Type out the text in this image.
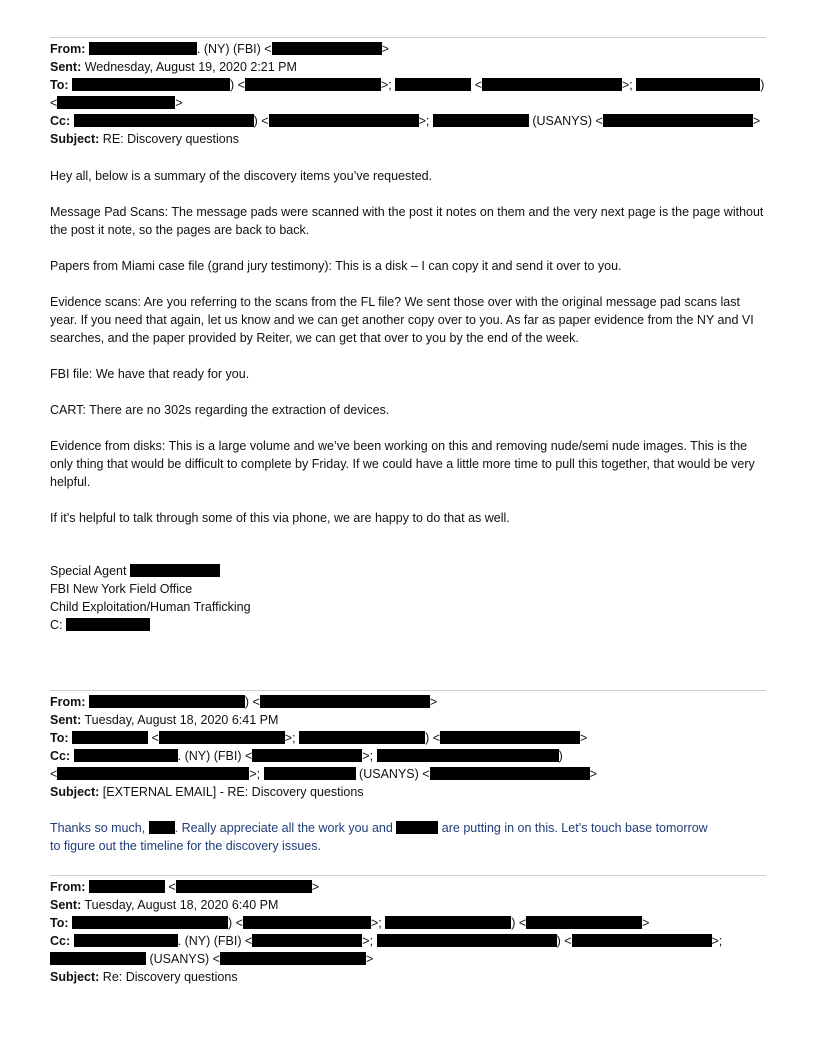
From:	. (NY) (FBI) <	>
Sent: Wednesday, August 19, 2020 2:21 PM
To:	) <	>;	<	>;	)
<	>
Cc:	) <	>;	(USANYS) <	>
Subject: RE: Discovery questions
Hey all, below is a summary of the discovery items you’ve requested.
Message Pad Scans: The message pads were scanned with the post it notes on them and the very next page is the page without the post it note, so the pages are back to back.
Papers from Miami case file (grand jury testimony): This is a disk – I can copy it and send it over to you.
Evidence scans: Are you referring to the scans from the FL file? We sent those over with the original message pad scans last year. If you need that again, let us know and we can get another copy over to you. As far as paper evidence from the NY and VI searches, and the paper provided by Reiter, we can get that over to you by the end of the week.
FBI file: We have that ready for you.
CART: There are no 302s regarding the extraction of devices.
Evidence from disks: This is a large volume and we’ve been working on this and removing nude/semi nude images. This is the only thing that would be difficult to complete by Friday. If we could have a little more time to pull this together, that would be very helpful.
If it’s helpful to talk through some of this via phone, we are happy to do that as well.
Special Agent
FBI New York Field Office
Child Exploitation/Human Trafficking
C:
From:	) <	>
Sent: Tuesday, August 18, 2020 6:41 PM
To:	<	>;	) <	>
Cc:	. (NY) (FBI) <	>;	)
<	>;	(USANYS) <	>
Subject: [EXTERNAL EMAIL] - RE: Discovery questions
Thanks so much, . Really appreciate all the work you and	are putting in on this. Let’s touch base tomorrow
to figure out the timeline for the discovery issues.
From:	<	>
Sent: Tuesday, August 18, 2020 6:40 PM
To:	) <	>;	) <	>
Cc:	. (NY) (FBI) <	>;	) <	>;
(USANYS) <	>
Subject: Re: Discovery questions
